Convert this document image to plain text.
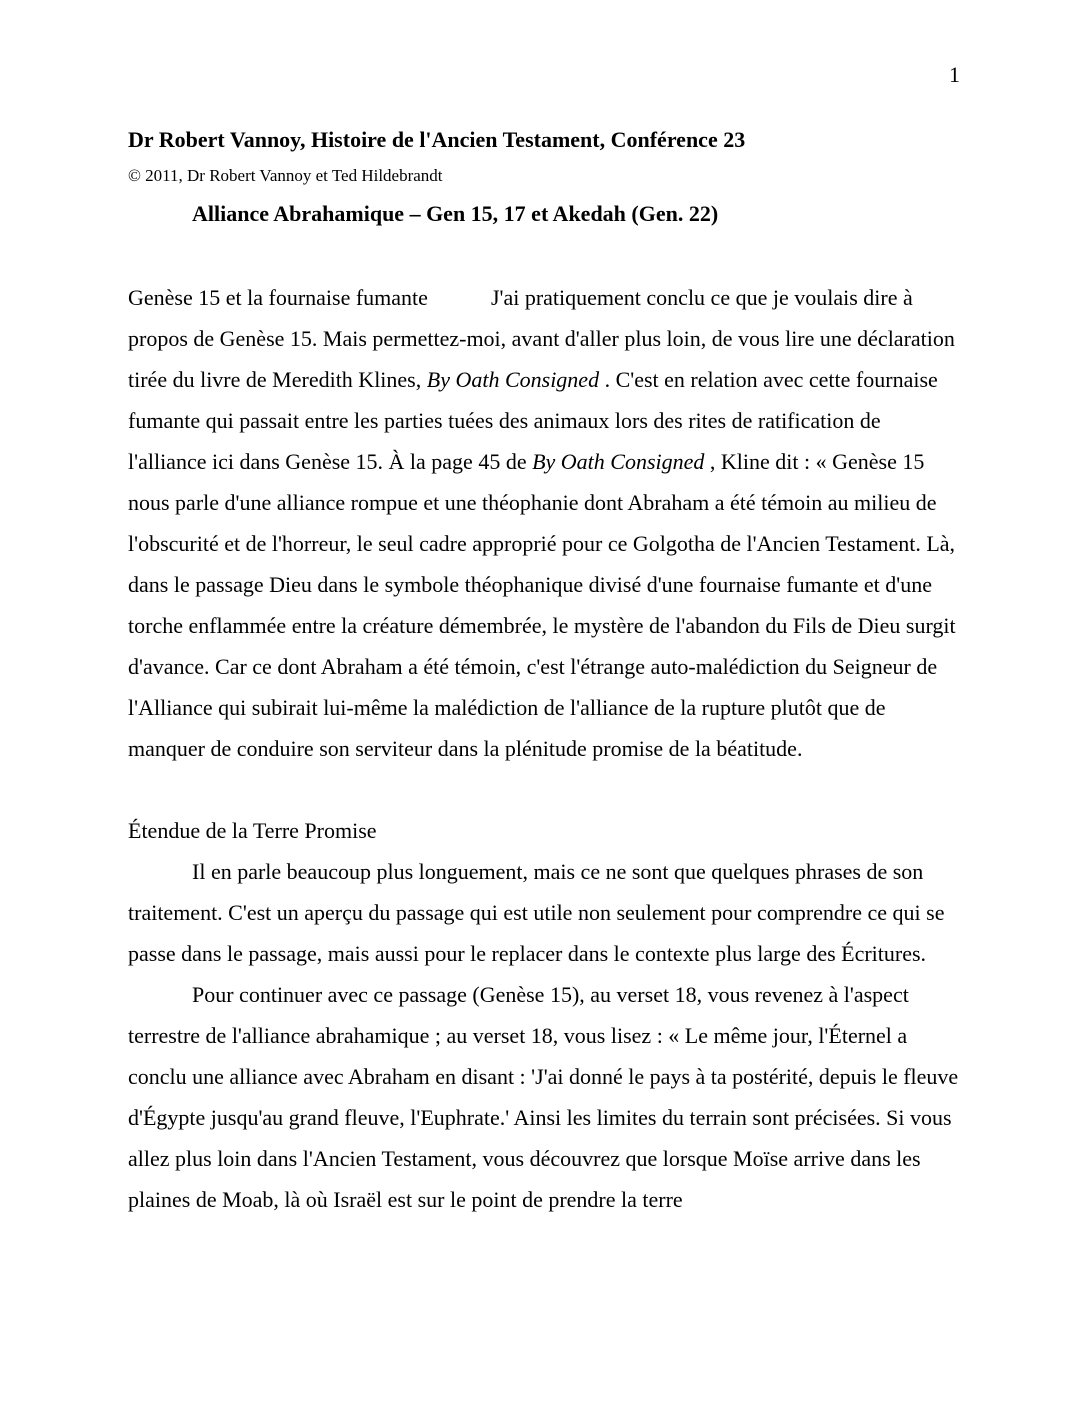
1
Dr Robert Vannoy, Histoire de l'Ancien Testament, Conférence 23
© 2011, Dr Robert Vannoy et Ted Hildebrandt
Alliance Abrahamique – Gen 15, 17 et Akedah (Gen. 22)

Genèse 15 et la fournaise fumante	J'ai pratiquement conclu ce que je voulais dire à propos de Genèse 15. Mais permettez-moi, avant d'aller plus loin, de vous lire une déclaration tirée du livre de Meredith Klines, By Oath Consigned . C'est en relation avec cette fournaise fumante qui passait entre les parties tuées des animaux lors des rites de ratification de l'alliance ici dans Genèse 15. À la page 45 de By Oath Consigned , Kline dit : « Genèse 15 nous parle d'une alliance rompue et une théophanie dont Abraham a été témoin au milieu de l'obscurité et de l'horreur, le seul cadre approprié pour ce Golgotha de l'Ancien Testament. Là, dans le passage Dieu dans le symbole théophanique divisé d'une fournaise fumante et d'une torche enflammée entre la créature démembrée, le mystère de l'abandon du Fils de Dieu surgit d'avance. Car ce dont Abraham a été témoin, c'est l'étrange auto-malédiction du Seigneur de l'Alliance qui subirait lui-même la malédiction de l'alliance de la rupture plutôt que de manquer de conduire son serviteur dans la plénitude promise de la béatitude.

Étendue de la Terre Promise

Il en parle beaucoup plus longuement, mais ce ne sont que quelques phrases de son traitement. C'est un aperçu du passage qui est utile non seulement pour comprendre ce qui se passe dans le passage, mais aussi pour le replacer dans le contexte plus large des Écritures.

Pour continuer avec ce passage (Genèse 15), au verset 18, vous revenez à l'aspect terrestre de l'alliance abrahamique ; au verset 18, vous lisez : « Le même jour, l'Éternel a conclu une alliance avec Abraham en disant : 'J'ai donné le pays à ta postérité, depuis le fleuve d'Égypte jusqu'au grand fleuve, l'Euphrate.' Ainsi les limites du terrain sont précisées. Si vous allez plus loin dans l'Ancien Testament, vous découvrez que lorsque Moïse arrive dans les plaines de Moab, là où Israël est sur le point de prendre la terre
